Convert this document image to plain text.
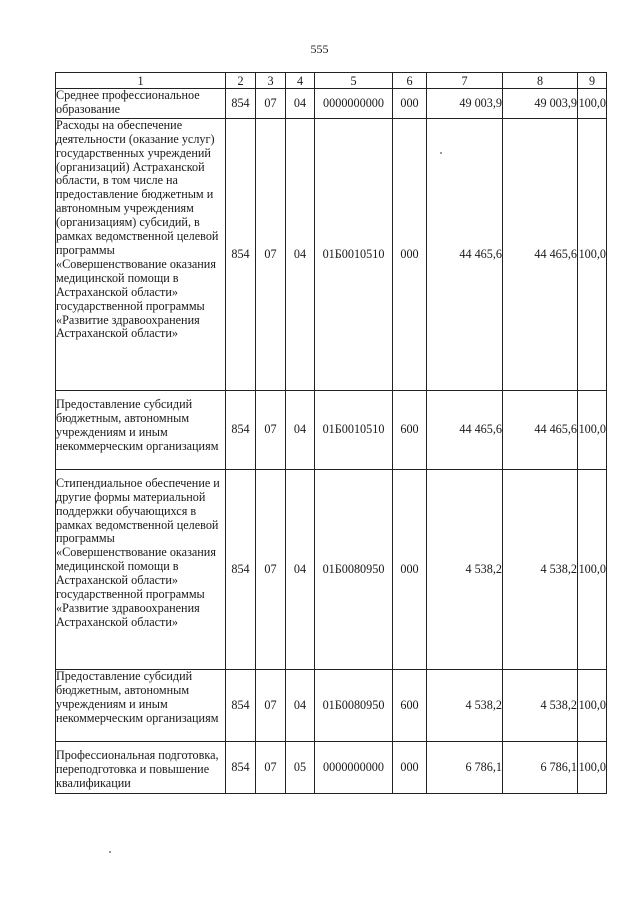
555
1	2	3	4	5	6	7	8	9
Среднее профессиональное образование	854	07	04	0000000000	000	49 003,9	49 003,9	100,0
Расходы на обеспечение деятельности (оказание услуг) государственных учреждений (организаций) Астраханской области, в том числе на предоставление бюджетным и автономным учреждениям (организациям) субсидий, в рамках ведомственной целевой программы «Совершенствование оказания медицинской помощи в Астраханской области» государственной программы «Развитие здравоохранения Астраханской области»	854	07	04	01Б0010510	000	44 465,6	44 465,6	100,0
Предоставление субсидий бюджетным, автономным учреждениям и иным некоммерческим организациям	854	07	04	01Б0010510	600	44 465,6	44 465,6	100,0
Стипендиальное обеспечение и другие формы материальной поддержки обучающихся в рамках ведомственной целевой программы «Совершенствование оказания медицинской помощи в Астраханской области» государственной программы «Развитие здравоохранения Астраханской области»	854	07	04	01Б0080950	000	4 538,2	4 538,2	100,0
Предоставление субсидий бюджетным, автономным учреждениям и иным некоммерческим организациям	854	07	04	01Б0080950	600	4 538,2	4 538,2	100,0
Профессиональная подготовка, переподготовка и повышение квалификации	854	07	05	0000000000	000	6 786,1	6 786,1	100,0
